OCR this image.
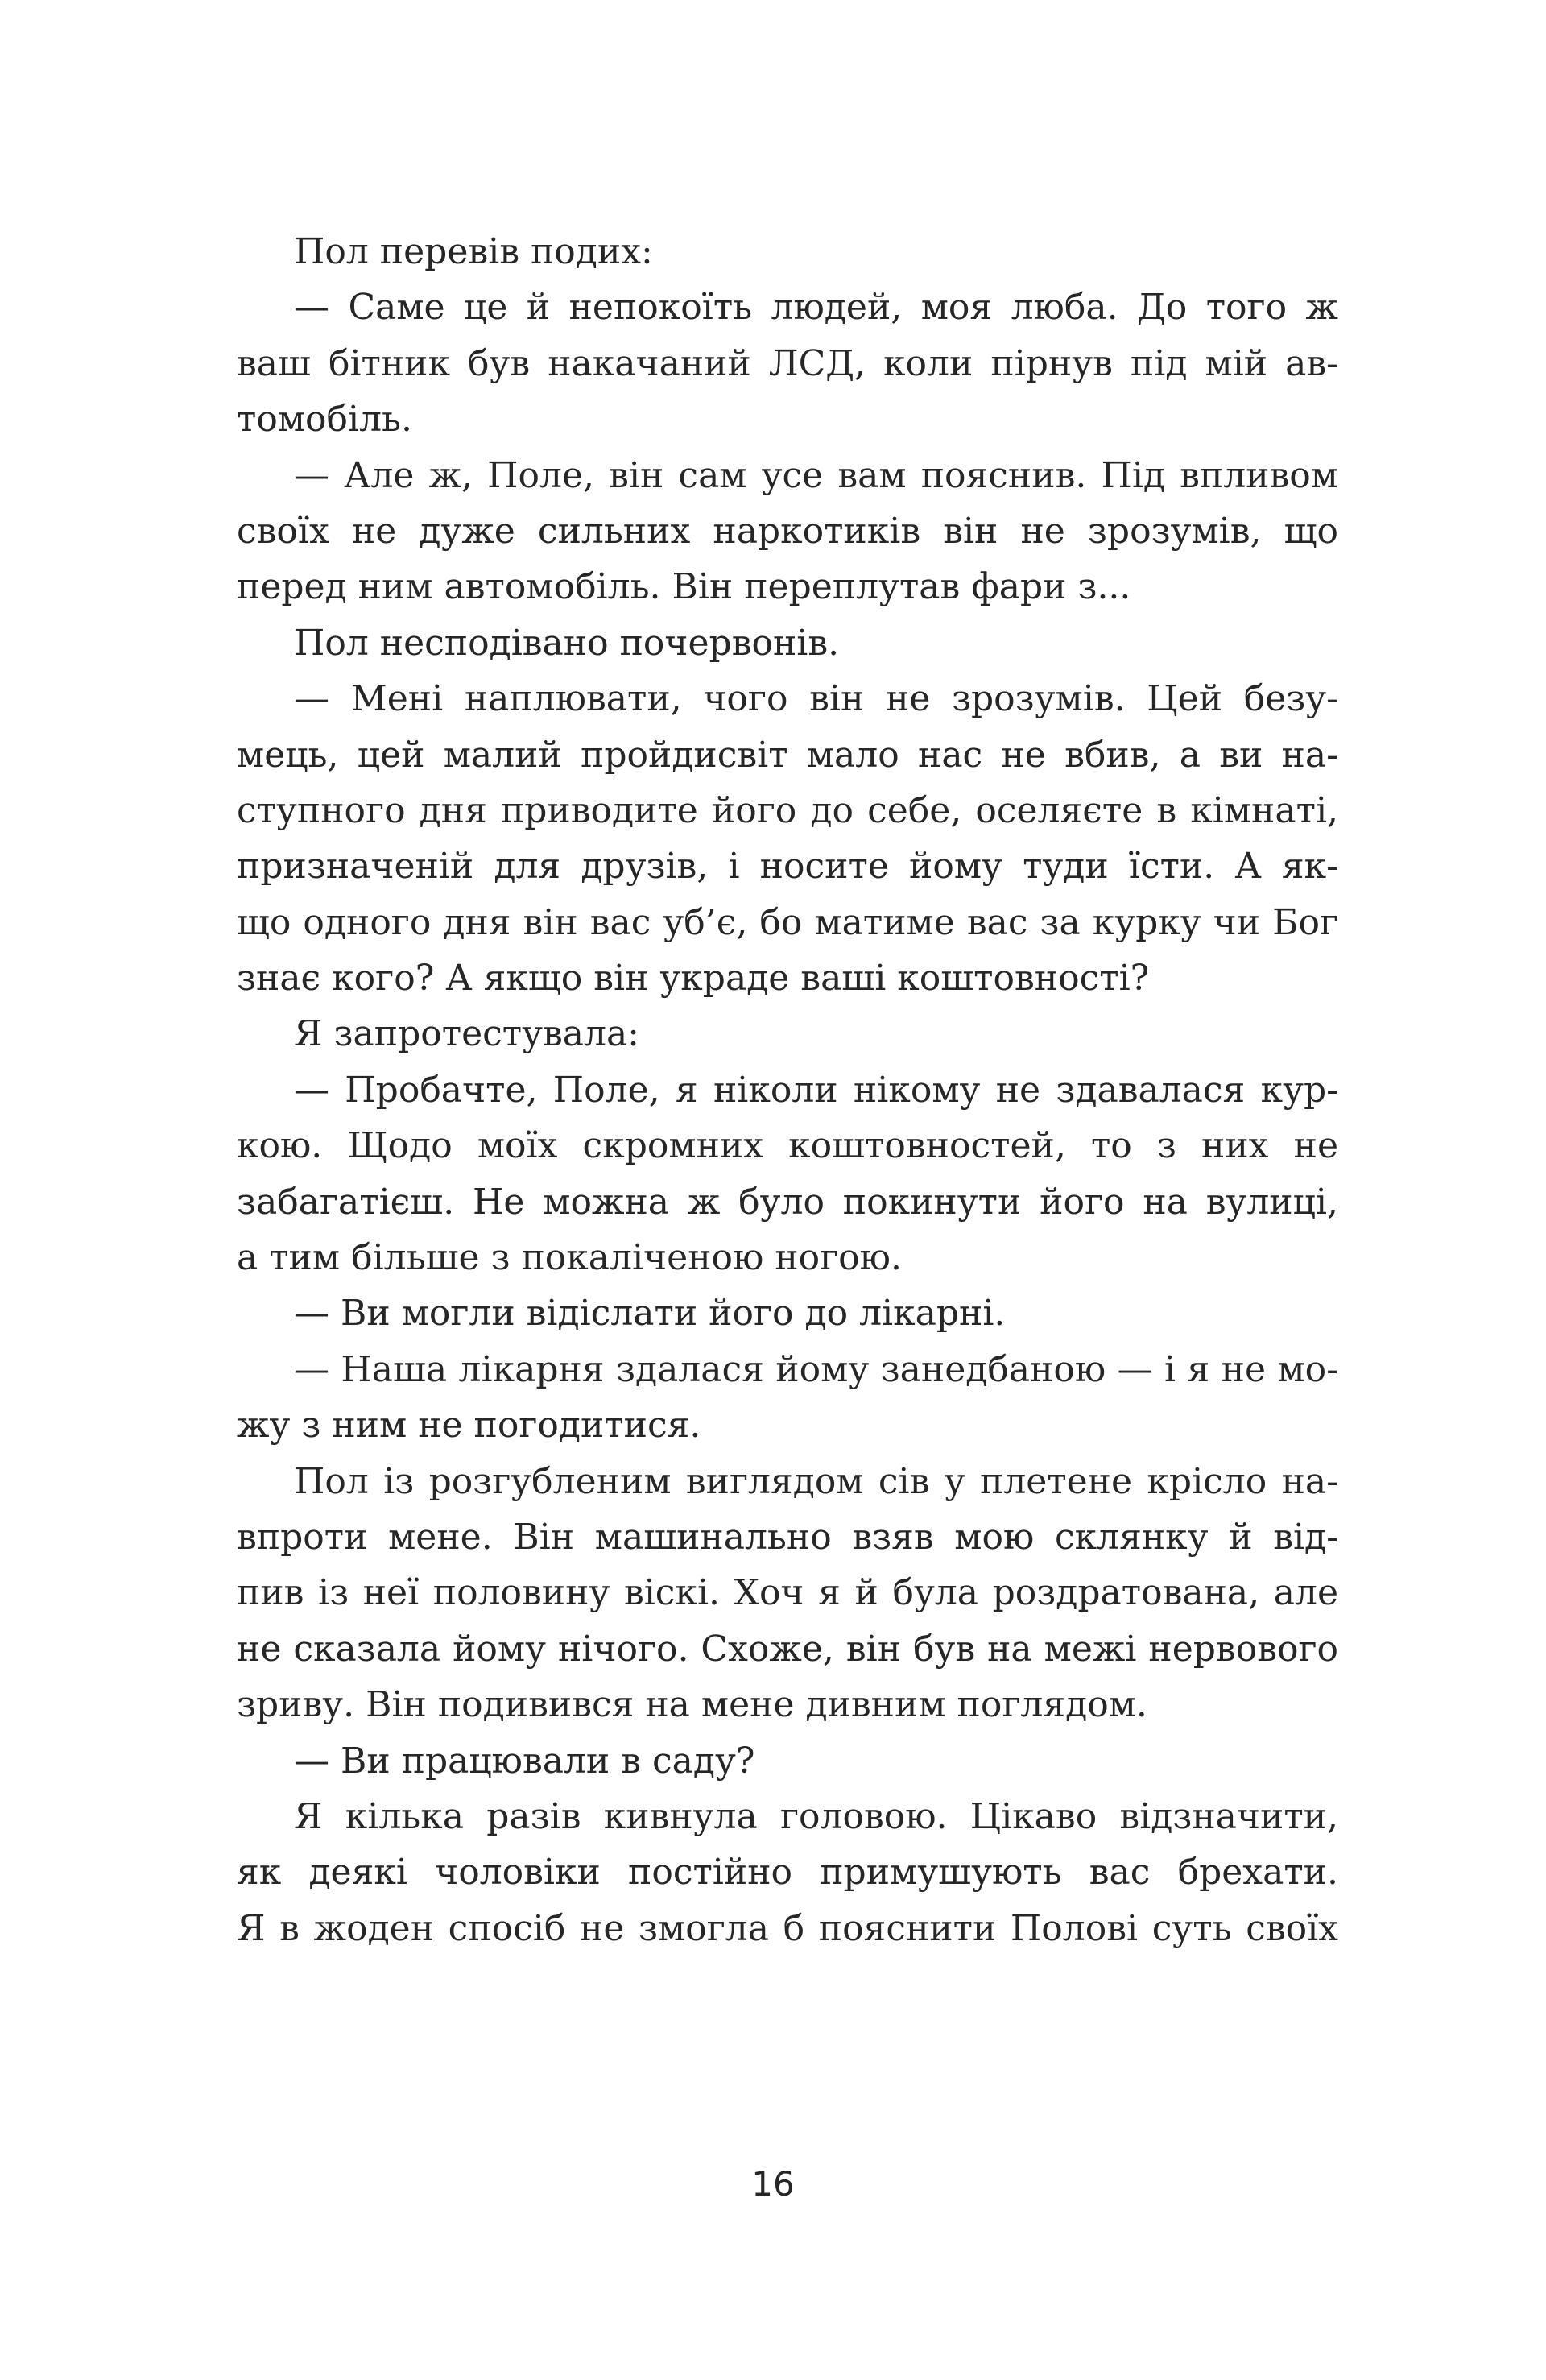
Пол перевів подих:
— Саме це й непокоїть людей, моя люба. До того ж
ваш бітник був накачаний ЛСД, коли пірнув під мій ав-
томобіль.
— Але ж, Поле, він сам усе вам пояснив. Під впливом
своїх не дуже сильних наркотиків він не зрозумів, що
перед ним автомобіль. Він переплутав фари з...
Пол несподівано почервонів.
— Мені наплювати, чого він не зрозумів. Цей безу-
мець, цей малий пройдисвіт мало нас не вбив, а ви на-
ступного дня приводите його до себе, оселяєте в кімнаті,
призначеній для друзів, і носите йому туди їсти. А як-
що одного дня він вас уб’є, бо матиме вас за курку чи Бог
знає кого? А якщо він украде ваші коштовності?
Я запротестувала:
— Пробачте, Поле, я ніколи нікому не здавалася кур-
кою. Щодо моїх скромних коштовностей, то з них не
забагатієш. Не можна ж було покинути його на вулиці,
а тим більше з покаліченою ногою.
— Ви могли відіслати його до лікарні.
— Наша лікарня здалася йому занедбаною — і я не мо-
жу з ним не погодитися.
Пол із розгубленим виглядом сів у плетене крісло на-
впроти мене. Він машинально взяв мою склянку й від-
пив із неї половину віскі. Хоч я й була роздратована, але
не сказала йому нічого. Схоже, він був на межі нервового
зриву. Він подивився на мене дивним поглядом.
— Ви працювали в саду?
Я кілька разів кивнула головою. Цікаво відзначити,
як деякі чоловіки постійно примушують вас брехати.
Я в жоден спосіб не змогла б пояснити Полові суть своїх
16
